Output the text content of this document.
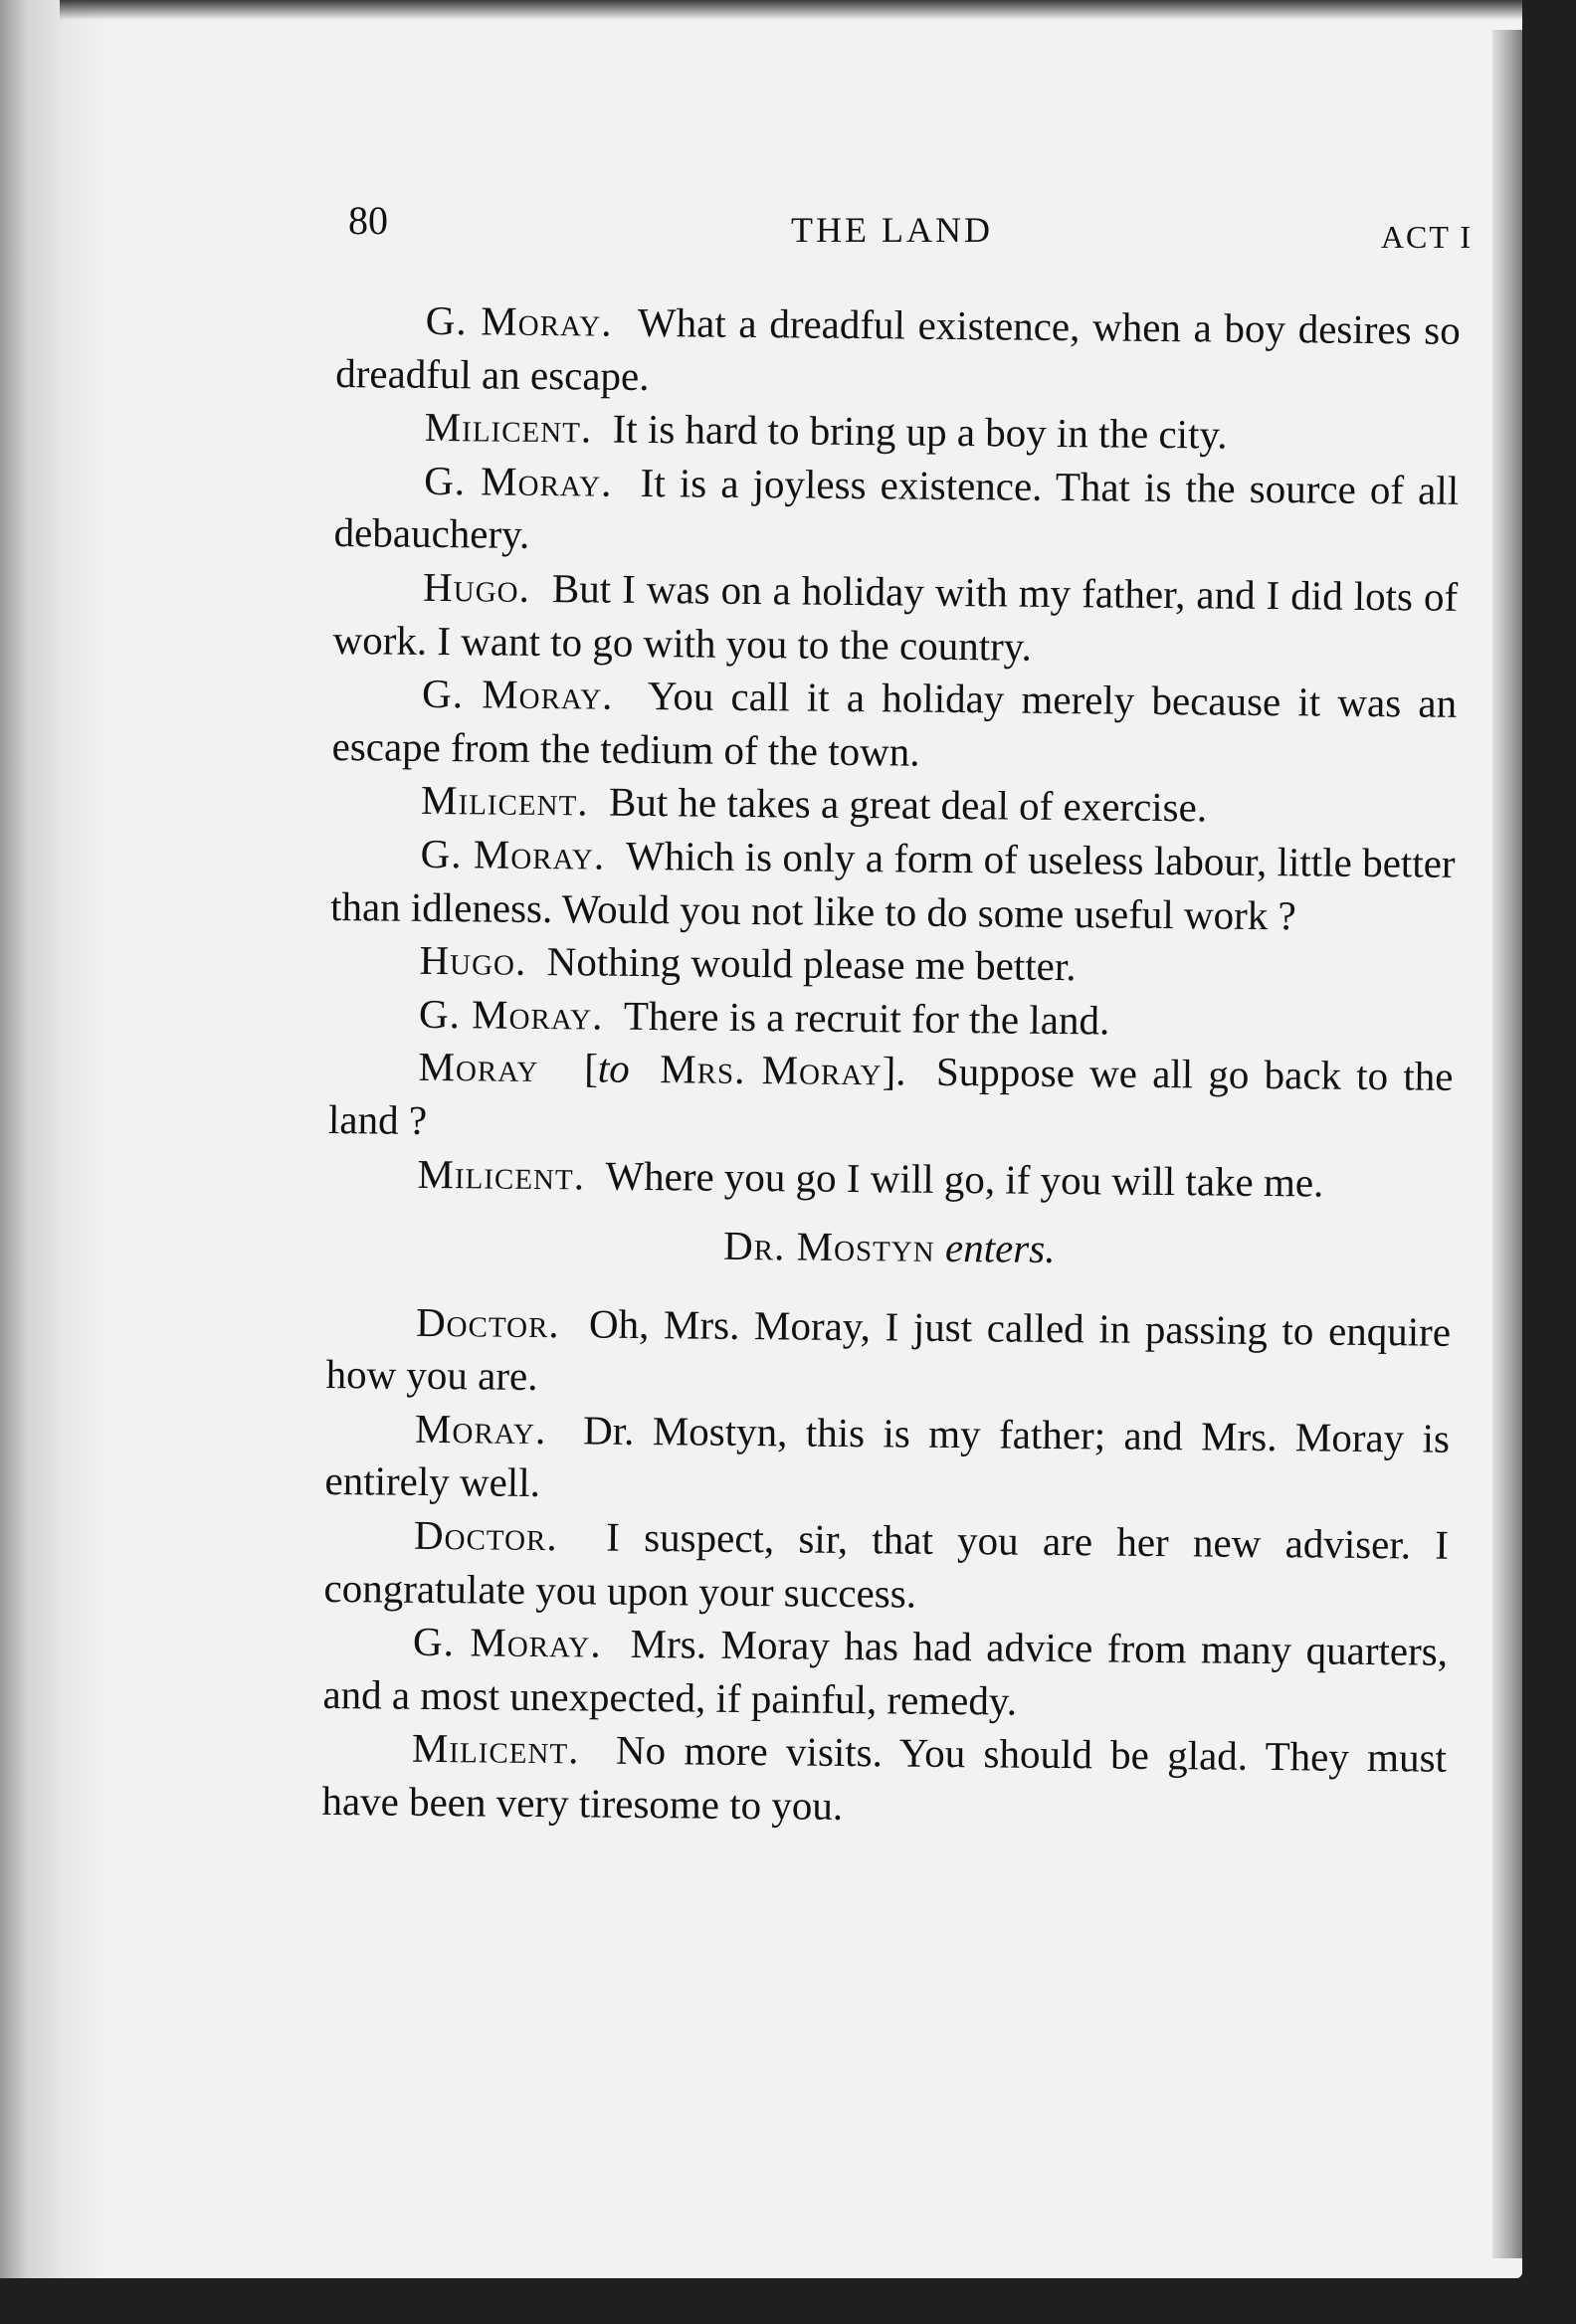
80	THE LAND	ACT I

G. Moray. What a dreadful existence, when a boy desires so dreadful an escape.

Milicent. It is hard to bring up a boy in the city.

G. Moray. It is a joyless existence. That is the source of all debauchery.

Hugo. But I was on a holiday with my father, and I did lots of work. I want to go with you to the country.

G. Moray. You call it a holiday merely because it was an escape from the tedium of the town.

Milicent. But he takes a great deal of exercise.

G. Moray. Which is only a form of useless labour, little better than idleness. Would you not like to do some useful work ?

Hugo. Nothing would please me better.

G. Moray. There is a recruit for the land.

Moray [to Mrs. Moray]. Suppose we all go back to the land ?

Milicent. Where you go I will go, if you will take me.

Dr. Mostyn enters.

Doctor. Oh, Mrs. Moray, I just called in passing to enquire how you are.

Moray. Dr. Mostyn, this is my father; and Mrs. Moray is entirely well.

Doctor. I suspect, sir, that you are her new adviser. I congratulate you upon your success.

G. Moray. Mrs. Moray has had advice from many quarters, and a most unexpected, if painful, remedy.

Milicent. No more visits. You should be glad. They must have been very tiresome to you.
